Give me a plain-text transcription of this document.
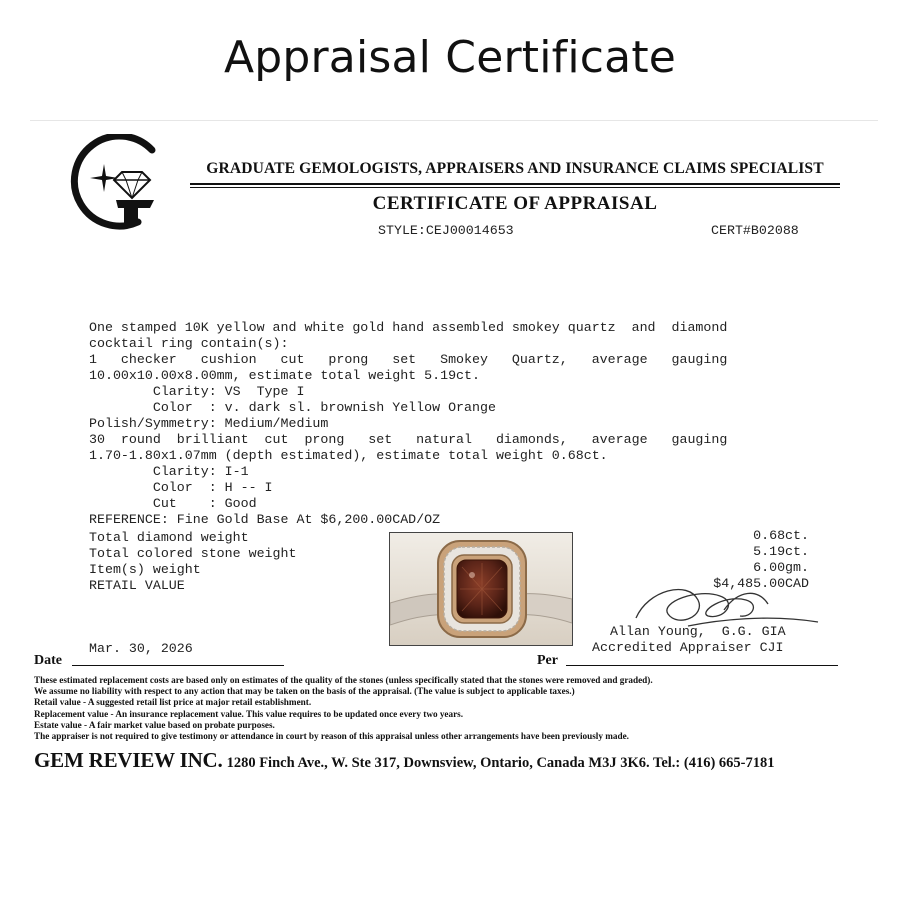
Appraisal Certificate
GRADUATE GEMOLOGISTS, APPRAISERS AND INSURANCE CLAIMS SPECIALIST
CERTIFICATE OF APPRAISAL
STYLE:CEJ00014653	CERT#B02088
One stamped 10K yellow and white gold hand assembled smokey quartz  and  diamond
cocktail ring contain(s):
1   checker   cushion   cut   prong   set   Smokey   Quartz,   average   gauging
10.00x10.00x8.00mm, estimate total weight 5.19ct.
Clarity: VS  Type I
Color  : v. dark sl. brownish Yellow Orange
Polish/Symmetry: Medium/Medium
30  round  brilliant  cut  prong   set   natural   diamonds,   average   gauging
1.70-1.80x1.07mm (depth estimated), estimate total weight 0.68ct.
Clarity: I-1
Color  : H -- I
Cut    : Good
REFERENCE: Fine Gold Base At $6,200.00CAD/OZ
Total diamond weight	0.68ct.
Total colored stone weight	5.19ct.
Item(s) weight	6.00gm.
RETAIL VALUE	$4,485.00CAD
Allan Young,  G.G. GIA
Accredited Appraiser CJI
Mar. 30, 2026
Date	Per
These estimated replacement costs are based only on estimates of the quality of the stones (unless specifically stated that the stones were removed and graded).
We assume no liability with respect to any action that may be taken on the basis of the appraisal. (The value is subject to applicable taxes.)
Retail value - A suggested retail list price at major retail establishment.
Replacement value - An insurance replacement value. This value requires to be updated once every two years.
Estate value - A fair market value based on probate purposes.
The appraiser is not required to give testimony or attendance in court by reason of this appraisal unless other arrangements have been previously made.
GEM REVIEW INC. 1280 Finch Ave., W. Ste 317, Downsview, Ontario, Canada M3J 3K6. Tel.: (416) 665-7181
